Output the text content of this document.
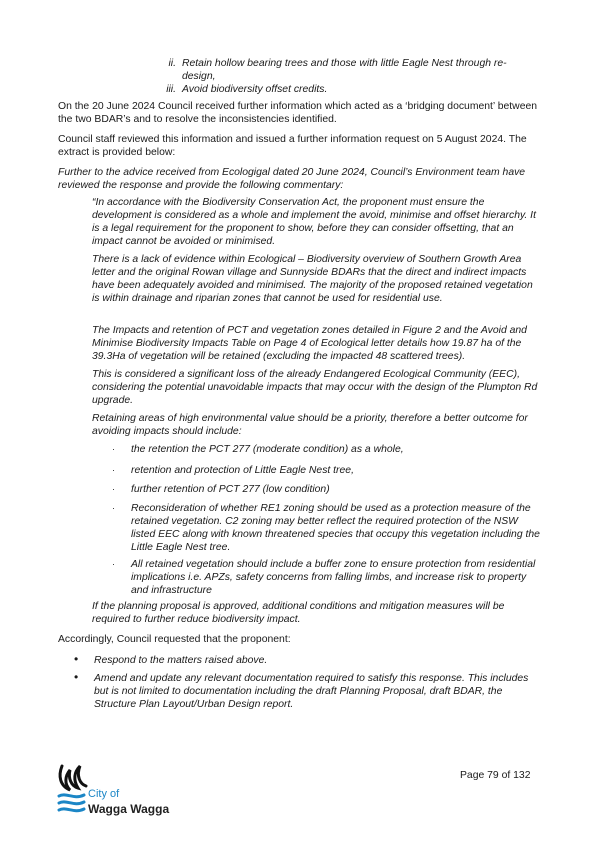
ii. Retain hollow bearing trees and those with little Eagle Nest through re-design,
iii. Avoid biodiversity offset credits.

On the 20 June 2024 Council received further information which acted as a ‘bridging document’ between the two BDAR’s and to resolve the inconsistencies identified.

Council staff reviewed this information and issued a further information request on 5 August 2024. The extract is provided below:

Further to the advice received from Ecologigal dated 20 June 2024, Council’s Environment team have reviewed the response and provide the following commentary:

“In accordance with the Biodiversity Conservation Act, the proponent must ensure the development is considered as a whole and implement the avoid, minimise and offset hierarchy. It is a legal requirement for the proponent to show, before they can consider offsetting, that an impact cannot be avoided or minimised.

There is a lack of evidence within Ecological – Biodiversity overview of Southern Growth Area letter and the original Rowan village and Sunnyside BDARs that the direct and indirect impacts have been adequately avoided and minimised. The majority of the proposed retained vegetation is within drainage and riparian zones that cannot be used for residential use.

The Impacts and retention of PCT and vegetation zones detailed in Figure 2 and the Avoid and Minimise Biodiversity Impacts Table on Page 4 of Ecological letter details how 19.87 ha of the 39.3Ha of vegetation will be retained (excluding the impacted 48 scattered trees).

This is considered a significant loss of the already Endangered Ecological Community (EEC), considering the potential unavoidable impacts that may occur with the design of the Plumpton Rd upgrade.

Retaining areas of high environmental value should be a priority, therefore a better outcome for avoiding impacts should include:

· the retention the PCT 277 (moderate condition) as a whole,
· retention and protection of Little Eagle Nest tree,
· further retention of PCT 277 (low condition)
· Reconsideration of whether RE1 zoning should be used as a protection measure of the retained vegetation. C2 zoning may better reflect the required protection of the NSW listed EEC along with known threatened species that occupy this vegetation including the Little Eagle Nest tree.
· All retained vegetation should include a buffer zone to ensure protection from residential implications i.e. APZs, safety concerns from falling limbs, and increase risk to property and infrastructure

If the planning proposal is approved, additional conditions and mitigation measures will be required to further reduce biodiversity impact.

Accordingly, Council requested that the proponent:

• Respond to the matters raised above.
• Amend and update any relevant documentation required to satisfy this response. This includes but is not limited to documentation including the draft Planning Proposal, draft BDAR, the Structure Plan Layout/Urban Design report.
City of
Wagga Wagga
Page 79 of 132
